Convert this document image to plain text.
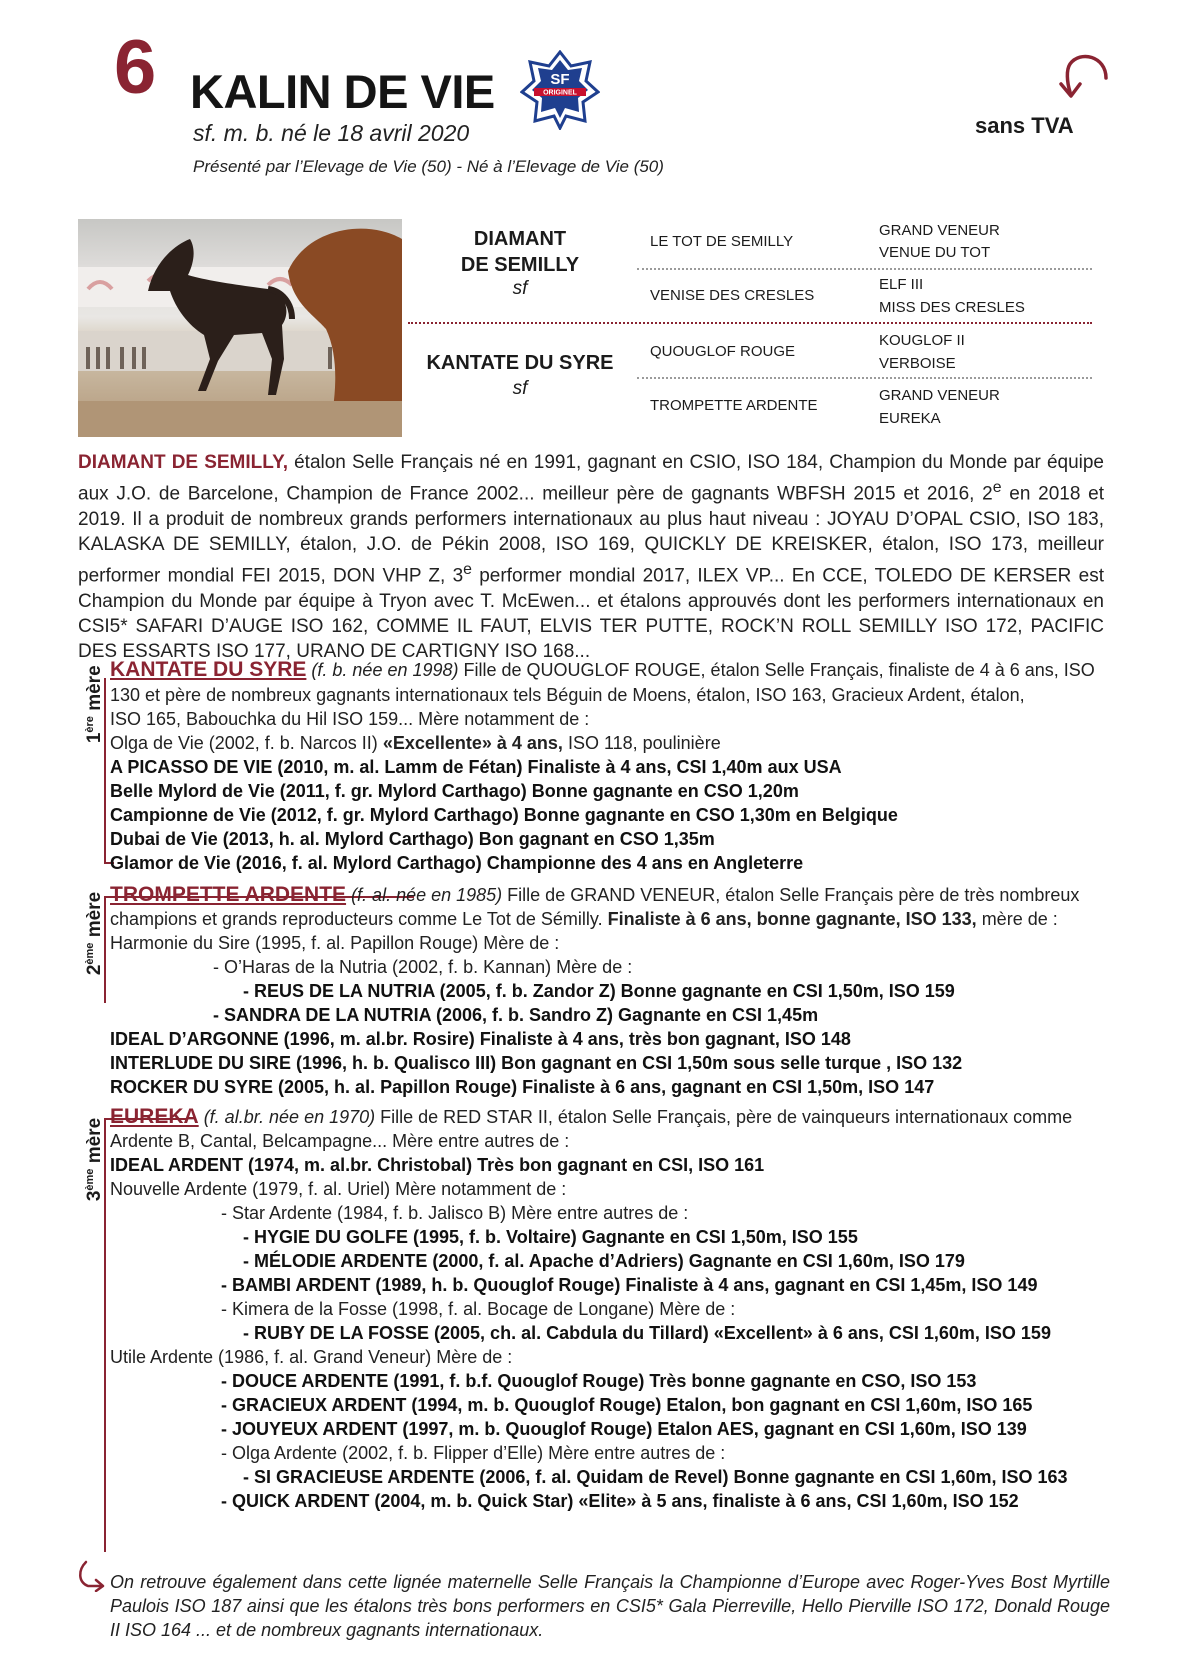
6 KALIN DE VIE
sf. m. b. né le 18 avril 2020
Présenté par l’Elevage de Vie (50) - Né à l’Elevage de Vie (50)
SF
ORIGINEL
sans TVA
DIAMANT
DE SEMILLY
sf
KANTATE DU SYRE
sf
LE TOT DE SEMILLY
VENISE DES CRESLES
QUOUGLOF ROUGE
TROMPETTE ARDENTE
GRAND VENEUR
VENUE DU TOT
ELF III
MISS DES CRESLES
KOUGLOF II
VERBOISE
GRAND VENEUR
EUREKA
DIAMANT DE SEMILLY, étalon Selle Français né en 1991, gagnant en CSIO, ISO 184, Champion du Monde par équipe aux J.O. de Barcelone, Champion de France 2002... meilleur père de gagnants WBFSH 2015 et 2016, 2e en 2018 et 2019. Il a produit de nombreux grands performers internationaux au plus haut niveau : JOYAU D’OPAL CSIO, ISO 183, KALASKA DE SEMILLY, étalon, J.O. de Pékin 2008, ISO 169, QUICKLY DE KREISKER, étalon, ISO 173, meilleur performer mondial FEI 2015, DON VHP Z, 3e performer mondial 2017, ILEX VP... En CCE, TOLEDO DE KERSER est Champion du Monde par équipe à Tryon avec T. McEwen... et étalons approuvés dont les performers internationaux en CSI5* SAFARI D’AUGE ISO 162, COMME IL FAUT, ELVIS TER PUTTE, ROCK’N ROLL SEMILLY ISO 172, PACIFIC DES ESSARTS ISO 177, URANO DE CARTIGNY ISO 168...
1ère mère KANTATE DU SYRE (f. b. née en 1998) Fille de QUOUGLOF ROUGE, étalon Selle Français, finaliste de 4 à 6 ans, ISO
130 et père de nombreux gagnants internationaux tels Béguin de Moens, étalon, ISO 163, Gracieux Ardent, étalon,
ISO 165, Babouchka du Hil ISO 159... Mère notamment de :
Olga de Vie (2002, f. b. Narcos II) «Excellente» à 4 ans, ISO 118, poulinière
A PICASSO DE VIE (2010, m. al. Lamm de Fétan) Finaliste à 4 ans, CSI 1,40m aux USA
Belle Mylord de Vie (2011, f. gr. Mylord Carthago) Bonne gagnante en CSO 1,20m
Campionne de Vie (2012, f. gr. Mylord Carthago) Bonne gagnante en CSO 1,30m en Belgique
Dubai de Vie (2013, h. al. Mylord Carthago) Bon gagnant en CSO 1,35m
Glamor de Vie (2016, f. al. Mylord Carthago) Championne des 4 ans en Angleterre
2ème mère TROMPETTE ARDENTE (f. al. née en 1985) Fille de GRAND VENEUR, étalon Selle Français père de très nombreux
champions et grands reproducteurs comme Le Tot de Sémilly. Finaliste à 6 ans, bonne gagnante, ISO 133, mère de :
Harmonie du Sire (1995, f. al. Papillon Rouge) Mère de :
- O’Haras de la Nutria (2002, f. b. Kannan) Mère de :
- REUS DE LA NUTRIA (2005, f. b. Zandor Z) Bonne gagnante en CSI 1,50m, ISO 159
- SANDRA DE LA NUTRIA (2006, f. b. Sandro Z) Gagnante en CSI 1,45m
IDEAL D’ARGONNE (1996, m. al.br. Rosire) Finaliste à 4 ans, très bon gagnant, ISO 148
INTERLUDE DU SIRE (1996, h. b. Qualisco III) Bon gagnant en CSI 1,50m sous selle turque , ISO 132
ROCKER DU SYRE (2005, h. al. Papillon Rouge) Finaliste à 6 ans, gagnant en CSI 1,50m, ISO 147
3ème mère
EUREKA (f. al.br. née en 1970) Fille de RED STAR II, étalon Selle Français, père de vainqueurs internationaux comme
Ardente B, Cantal, Belcampagne... Mère entre autres de :
IDEAL ARDENT (1974, m. al.br. Christobal) Très bon gagnant en CSI, ISO 161
Nouvelle Ardente (1979, f. al. Uriel) Mère notamment de :
- Star Ardente (1984, f. b. Jalisco B) Mère entre autres de :
- HYGIE DU GOLFE (1995, f. b. Voltaire) Gagnante en CSI 1,50m, ISO 155
- MÉLODIE ARDENTE (2000, f. al. Apache d’Adriers) Gagnante en CSI 1,60m, ISO 179
- BAMBI ARDENT (1989, h. b. Quouglof Rouge) Finaliste à 4 ans, gagnant en CSI 1,45m, ISO 149
- Kimera de la Fosse (1998, f. al. Bocage de Longane) Mère de :
- RUBY DE LA FOSSE (2005, ch. al. Cabdula du Tillard) «Excellent» à 6 ans, CSI 1,60m, ISO 159
Utile Ardente (1986, f. al. Grand Veneur) Mère de :
- DOUCE ARDENTE (1991, f. b.f. Quouglof Rouge) Très bonne gagnante en CSO, ISO 153
- GRACIEUX ARDENT (1994, m. b. Quouglof Rouge) Etalon, bon gagnant en CSI 1,60m, ISO 165
- JOUYEUX ARDENT (1997, m. b. Quouglof Rouge) Etalon AES, gagnant en CSI 1,60m, ISO 139
- Olga Ardente (2002, f. b. Flipper d’Elle) Mère entre autres de :
- SI GRACIEUSE ARDENTE (2006, f. al. Quidam de Revel) Bonne gagnante en CSI 1,60m, ISO 163
- QUICK ARDENT (2004, m. b. Quick Star) «Elite» à 5 ans, finaliste à 6 ans, CSI 1,60m, ISO 152
On retrouve également dans cette lignée maternelle Selle Français la Championne d’Europe avec Roger-Yves Bost Myrtille Paulois ISO 187 ainsi que les étalons très bons performers en CSI5* Gala Pierreville, Hello Pierville ISO 172, Donald Rouge II ISO 164 ... et de nombreux gagnants internationaux.
